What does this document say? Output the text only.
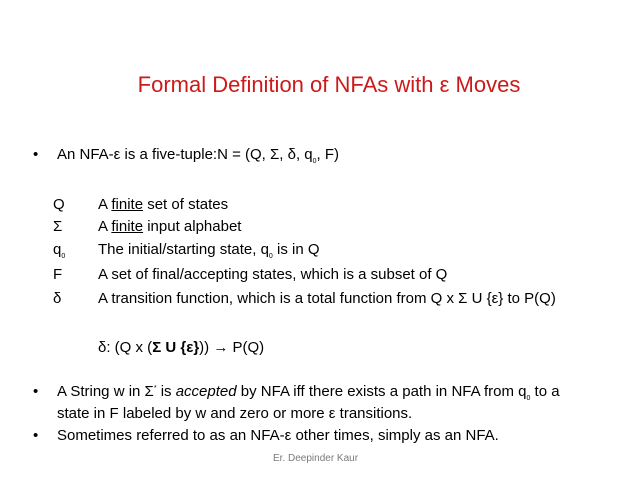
Formal Definition of NFAs with ε Moves
• An NFA-ε is a five-tuple:N = (Q, Σ, δ, $q_0$, F)
Q A finite set of states
Σ A finite input alphabet
$q_0$ The initial/starting state, $q_0$ is in Q
F A set of final/accepting states, which is a subset of Q
δ A transition function, which is a total function from Q x Σ U {ε} to P(Q)
δ: (Q x (Σ U {ε})) → P(Q)
• A String w in Σ* is accepted by NFA iff there exists a path in NFA from $q_0$ to a
state in F labeled by w and zero or more ε transitions.
• Sometimes referred to as an NFA-ε other times, simply as an NFA.
Er. Deepinder Kaur
